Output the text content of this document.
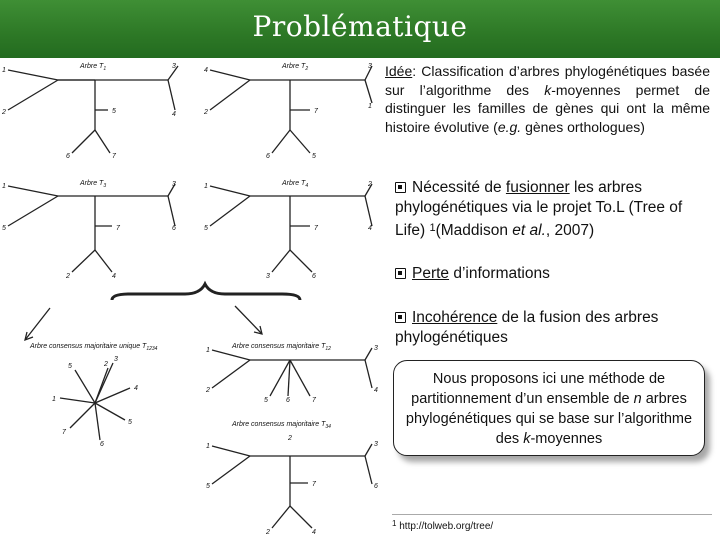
Problématique
Arbre $T_1$	Arbre $T_2$
Arbre $T_3$	Arbre $T_4$
Arbre consensus majoritaire unique $T_{1234}$	Arbre consensus majoritaire $T_{12}$
Arbre consensus majoritaire $T_{34}$
1
2
3
4
5
6	7
4
2
3
1
7
6	5
1
5
3
6
7
2	4
1
5
2
4
7
3	6
5	2
3
4
5
6
7
1
1
2
3
4
5	6	7
1
5
3
6
2
7
2	4

Idée: Classification d’arbres phylogénétiques basée sur l’algorithme des k-moyennes permet de distinguer les familles de gènes qui ont la même histoire évolutive (e.g. gènes orthologues)

Nécessité de fusionner les arbres phylogénétiques via le projet To.L (Tree of Life) $^1$(Maddison et al., 2007)
Perte d’informations
Incohérence de la fusion des arbres phylogénétiques
Nous proposons ici une méthode de partitionnement d’un ensemble de n arbres phylogénétiques qui se base sur l’algorithme des k-moyennes
$^1$ http://tolweb.org/tree/
